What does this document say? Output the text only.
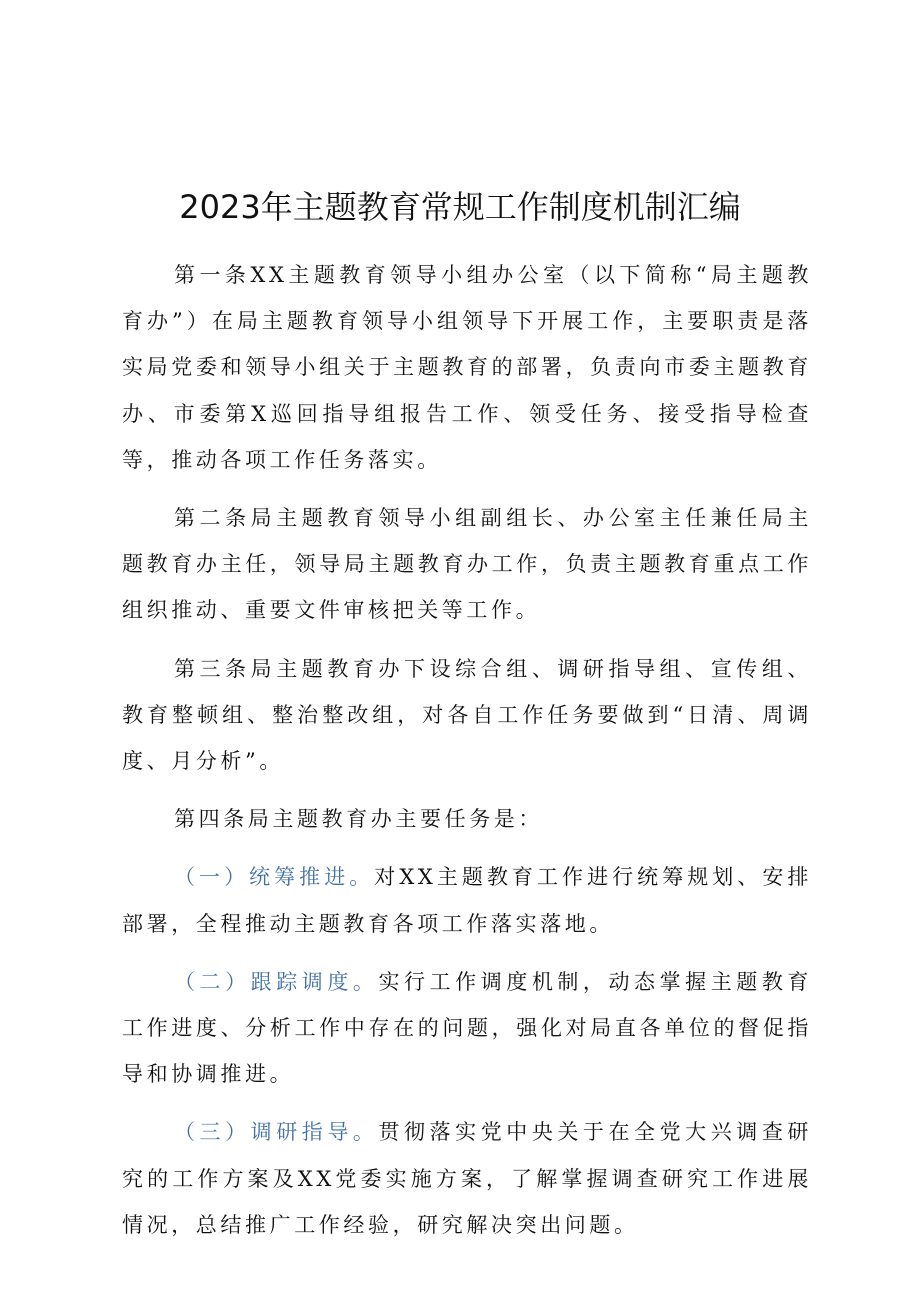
2023年主题教育常规工作制度机制汇编

第一条XX主题教育领导小组办公室（以下简称“局主题教育办”）在局主题教育领导小组领导下开展工作，主要职责是落实局党委和领导小组关于主题教育的部署，负责向市委主题教育办、市委第X巡回指导组报告工作、领受任务、接受指导检查等，推动各项工作任务落实。

第二条局主题教育领导小组副组长、办公室主任兼任局主题教育办主任，领导局主题教育办工作，负责主题教育重点工作组织推动、重要文件审核把关等工作。

第三条局主题教育办下设综合组、调研指导组、宣传组、教育整顿组、整治整改组，对各自工作任务要做到“日清、周调度、月分析”。

第四条局主题教育办主要任务是：

（一）统筹推进。对XX主题教育工作进行统筹规划、安排部署，全程推动主题教育各项工作落实落地。

（二）跟踪调度。实行工作调度机制，动态掌握主题教育工作进度、分析工作中存在的问题，强化对局直各单位的督促指导和协调推进。

（三）调研指导。贯彻落实党中央关于在全党大兴调查研究的工作方案及XX党委实施方案，了解掌握调查研究工作进展情况，总结推广工作经验，研究解决突出问题。
